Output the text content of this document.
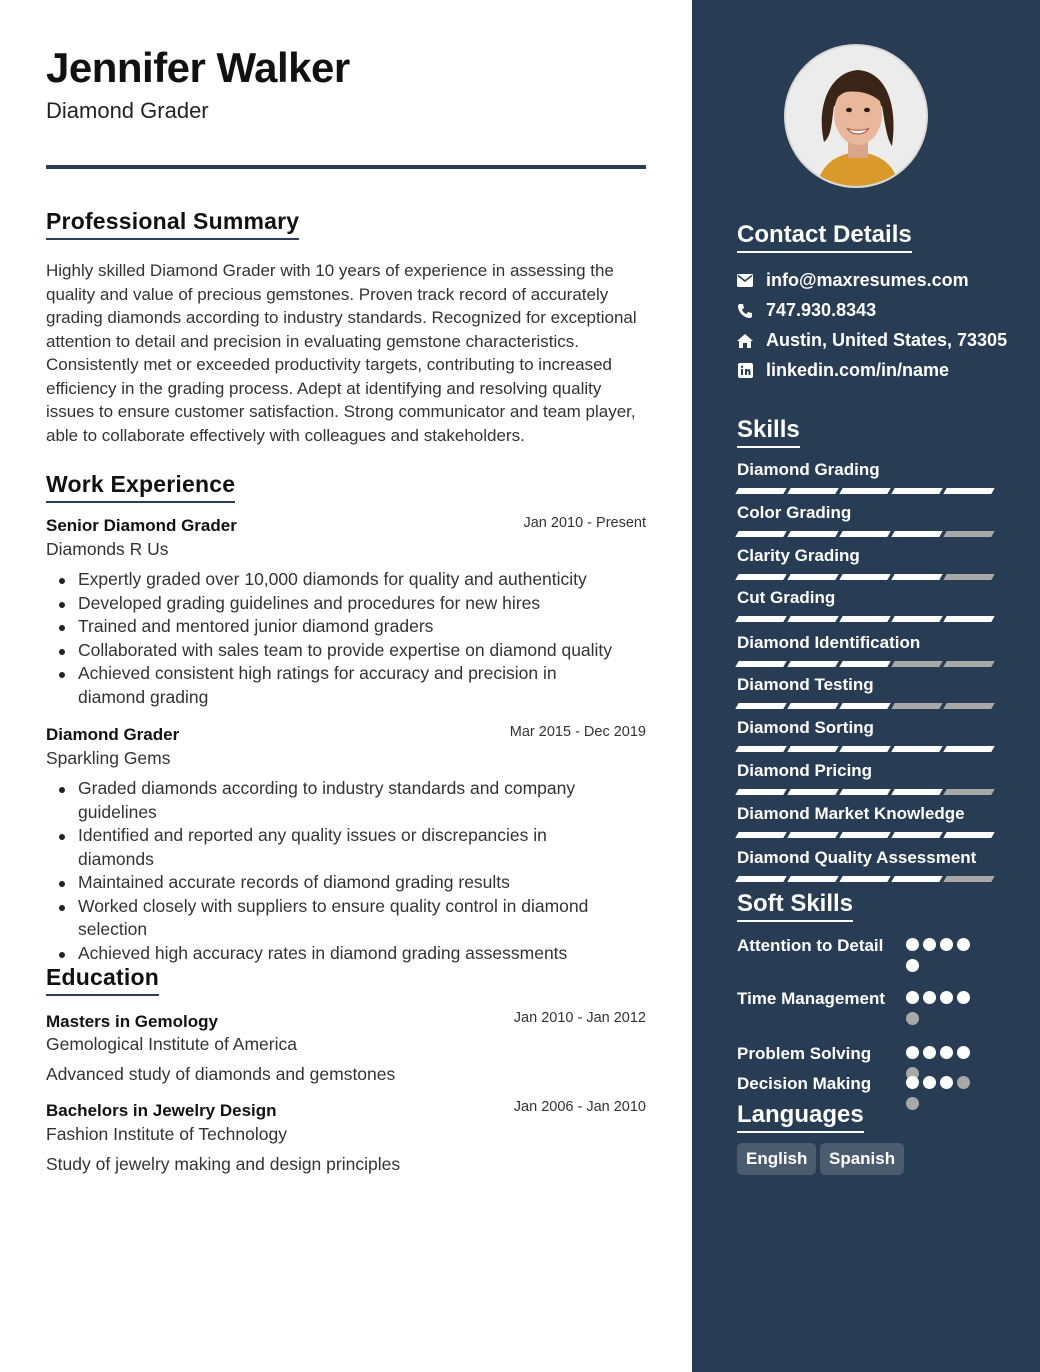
Jennifer Walker
Diamond Grader
Professional Summary

Highly skilled Diamond Grader with 10 years of experience in assessing the quality and value of precious gemstones. Proven track record of accurately grading diamonds according to industry standards. Recognized for exceptional attention to detail and precision in evaluating gemstone characteristics. Consistently met or exceeded productivity targets, contributing to increased efficiency in the grading process. Adept at identifying and resolving quality issues to ensure customer satisfaction. Strong communicator and team player, able to collaborate effectively with colleagues and stakeholders.

Work Experience
Senior Diamond Grader	Jan 2010 - Present
Diamonds R Us
Expertly graded over 10,000 diamonds for quality and authenticity
Developed grading guidelines and procedures for new hires
Trained and mentored junior diamond graders
Collaborated with sales team to provide expertise on diamond quality
Achieved consistent high ratings for accuracy and precision in diamond grading
Diamond Grader	Mar 2015 - Dec 2019
Sparkling Gems
Graded diamonds according to industry standards and company guidelines
Identified and reported any quality issues or discrepancies in diamonds
Maintained accurate records of diamond grading results
Worked closely with suppliers to ensure quality control in diamond selection
Achieved high accuracy rates in diamond grading assessments
Education
Masters in Gemology	Jan 2010 - Jan 2012
Gemological Institute of America
Advanced study of diamonds and gemstones
Bachelors in Jewelry Design	Jan 2006 - Jan 2010
Fashion Institute of Technology
Study of jewelry making and design principles
Contact Details
info@maxresumes.com
747.930.8343
Austin, United States, 73305
linkedin.com/in/name
Skills
Diamond Grading
Color Grading
Clarity Grading
Cut Grading
Diamond Identification
Diamond Testing
Diamond Sorting
Diamond Pricing
Diamond Market Knowledge
Diamond Quality Assessment
Soft Skills
Attention to Detail
Time Management
Problem Solving
Decision Making
Languages
English	Spanish
